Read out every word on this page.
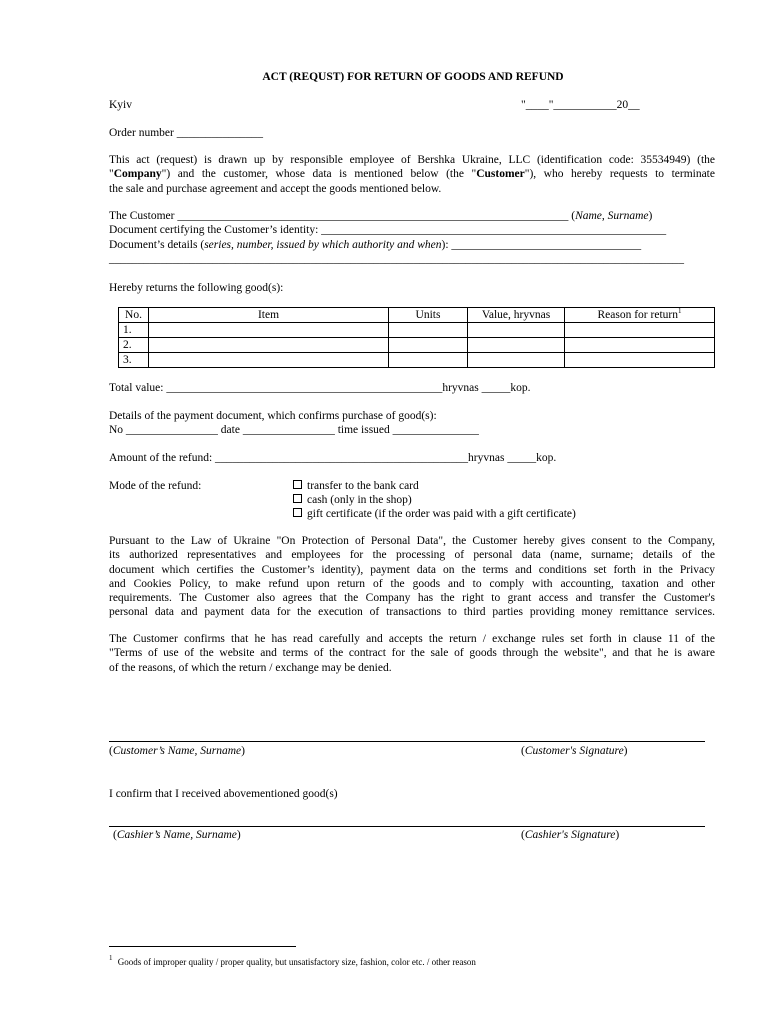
ACT (REQUST) FOR RETURN OF GOODS AND REFUND
Kyiv	"____"___________20__
Order number _______________
This act (request) is drawn up by responsible employee of Bershka Ukraine, LLC (identification code: 35534949) (the
"Company") and the customer, whose data is mentioned below (the "Customer"), who hereby requests to terminate
the sale and purchase agreement and accept the goods mentioned below.
The Customer ____________________________________________________________________ (Name, Surname)
Document certifying the Customer’s identity: ____________________________________________________________
Document’s details (series, number, issued by which authority and when): _________________________________
____________________________________________________________________________________________________
Hereby returns the following good(s):
No.	Item	Units	Value, hryvnas	Reason for return$^1$
1.				
2.				
3.				
Total value: ________________________________________________hryvnas _____kop.
Details of the payment document, which confirms purchase of good(s):
No ________________ date ________________ time issued _______________
Amount of the refund: ____________________________________________hryvnas _____kop.
Mode of the refund:	transfer to the bank card
cash (only in the shop)
gift certificate (if the order was paid with a gift certificate)
Pursuant to the Law of Ukraine "On Protection of Personal Data", the Customer hereby gives consent to the Company,
its authorized representatives and employees for the processing of personal data (name, surname; details of the
document which certifies the Customer’s identity), payment data on the terms and conditions set forth in the Privacy
and Cookies Policy, to make refund upon return of the goods and to comply with accounting, taxation and other
requirements. The Customer also agrees that the Company has the right to grant access and transfer the Customer's
personal data and payment data for the execution of transactions to third parties providing money remittance services.
The Customer confirms that he has read carefully and accepts the return / exchange rules set forth in clause 11 of the
"Terms of use of the website and terms of the contract for the sale of goods through the website", and that he is aware
of the reasons, of which the return / exchange may be denied.
(Customer’s Name, Surname)	(Customer's Signature)
I confirm that I received abovementioned good(s)
(Cashier’s Name, Surname)	(Cashier's Signature)
$^1$ Goods of improper quality / proper quality, but unsatisfactory size, fashion, color etc. / other reason
